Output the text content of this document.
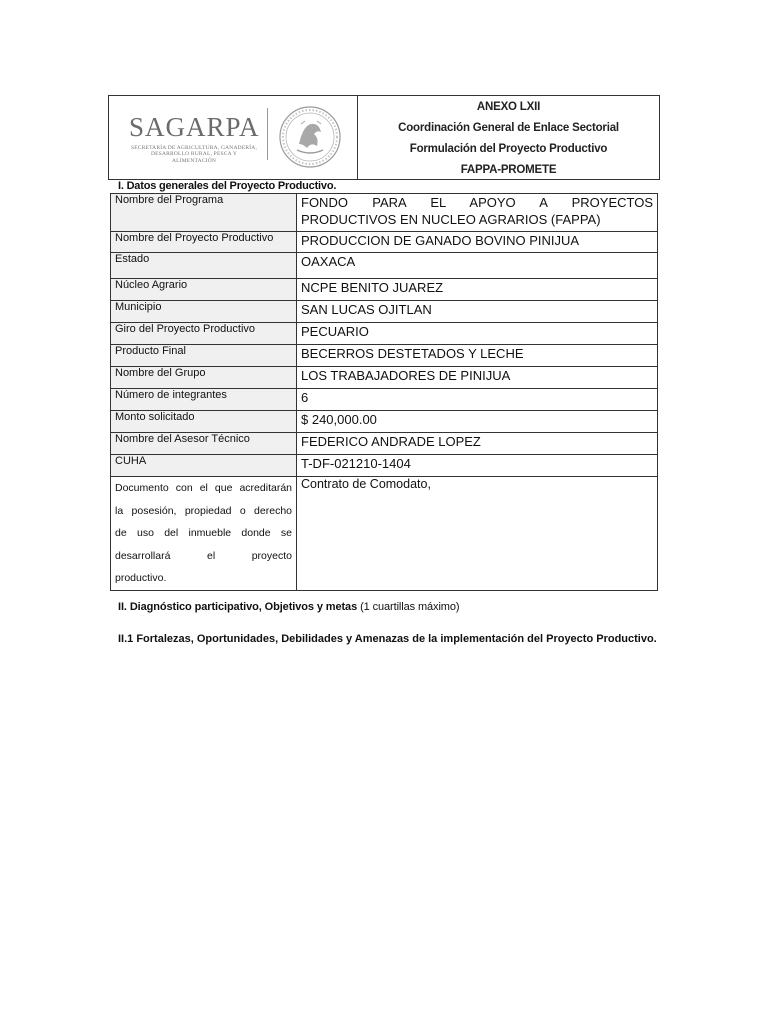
SAGARPA
SECRETARÍA DE AGRICULTURA, GANADERÍA, DESARROLLO RURAL, PESCA Y ALIMENTACIÓN
ANEXO LXII
Coordinación General de Enlace Sectorial
Formulación del Proyecto Productivo
FAPPA-PROMETE
I. Datos generales del Proyecto Productivo.
Nombre del Programa	FONDO PARA EL APOYO A PROYECTOS
PRODUCTIVOS EN NUCLEO AGRARIOS (FAPPA)

Nombre del Proyecto Productivo	PRODUCCION DE GANADO BOVINO PINIJUA
Estado	OAXACA
Núcleo Agrario	NCPE BENITO JUAREZ
Municipio	SAN LUCAS OJITLAN
Giro del Proyecto Productivo	PECUARIO
Producto Final	BECERROS DESTETADOS Y LECHE
Nombre del Grupo	LOS TRABAJADORES DE PINIJUA
Número de integrantes	6
Monto solicitado	$ 240,000.00
Nombre del Asesor Técnico	FEDERICO ANDRADE LOPEZ
CUHA	T-DF-021210-1404

Documento con el que acreditarán
la posesión, propiedad o derecho
de uso del inmueble donde se
desarrollará el proyecto
productivo.	Contrato de Comodato,
II. Diagnóstico participativo, Objetivos y metas (1 cuartillas máximo)
II.1 Fortalezas, Oportunidades, Debilidades y Amenazas de la implementación del Proyecto Productivo.
